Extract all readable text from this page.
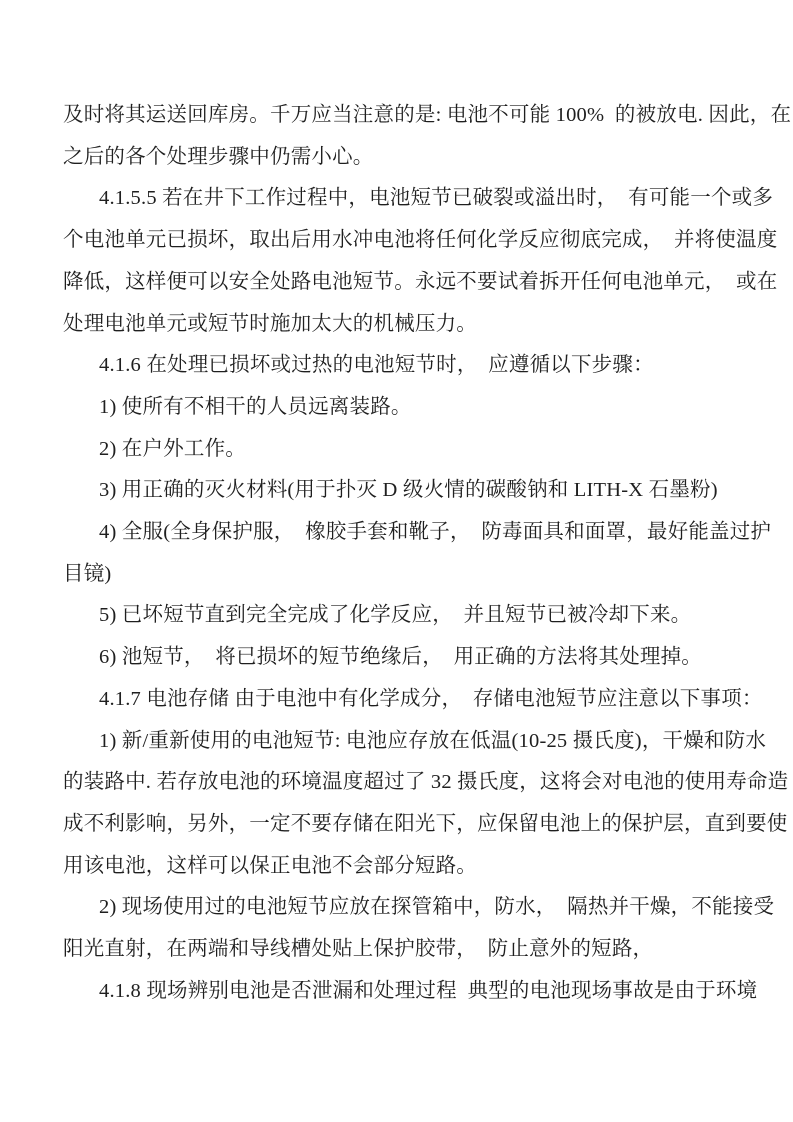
及时将其运送回库房。千万应当注意的是: 电池不可能 100%  的被放电. 因此，在
之后的各个处理步骤中仍需小心。
4.1.5.5 若在井下工作过程中，电池短节已破裂或溢出时，  有可能一个或多
个电池单元已损坏，取出后用水冲电池将任何化学反应彻底完成，  并将使温度
降低，这样便可以安全处路电池短节。永远不要试着拆开任何电池单元，  或在
处理电池单元或短节时施加太大的机械压力。
4.1.6 在处理已损坏或过热的电池短节时，  应遵循以下步骤：
1) 使所有不相干的人员远离装路。
2) 在户外工作。
3) 用正确的灭火材料(用于扑灭 D 级火情的碳酸钠和 LITH-X 石墨粉)
4) 全服(全身保护服，  橡胶手套和靴子，  防毒面具和面罩，最好能盖过护
目镜)
5) 已坏短节直到完全完成了化学反应，  并且短节已被冷却下来。
6) 池短节，  将已损坏的短节绝缘后，  用正确的方法将其处理掉。
4.1.7 电池存储 由于电池中有化学成分，  存储电池短节应注意以下事项：
1) 新/重新使用的电池短节: 电池应存放在低温(10-25 摄氏度)，干燥和防水
的装路中. 若存放电池的环境温度超过了 32 摄氏度，这将会对电池的使用寿命造
成不利影响，另外，一定不要存储在阳光下，应保留电池上的保护层，直到要使
用该电池，这样可以保正电池不会部分短路。
2) 现场使用过的电池短节应放在探管箱中，防水，  隔热并干燥，不能接受
阳光直射，在两端和导线槽处贴上保护胶带，  防止意外的短路，
4.1.8 现场辨别电池是否泄漏和处理过程  典型的电池现场事故是由于环境
